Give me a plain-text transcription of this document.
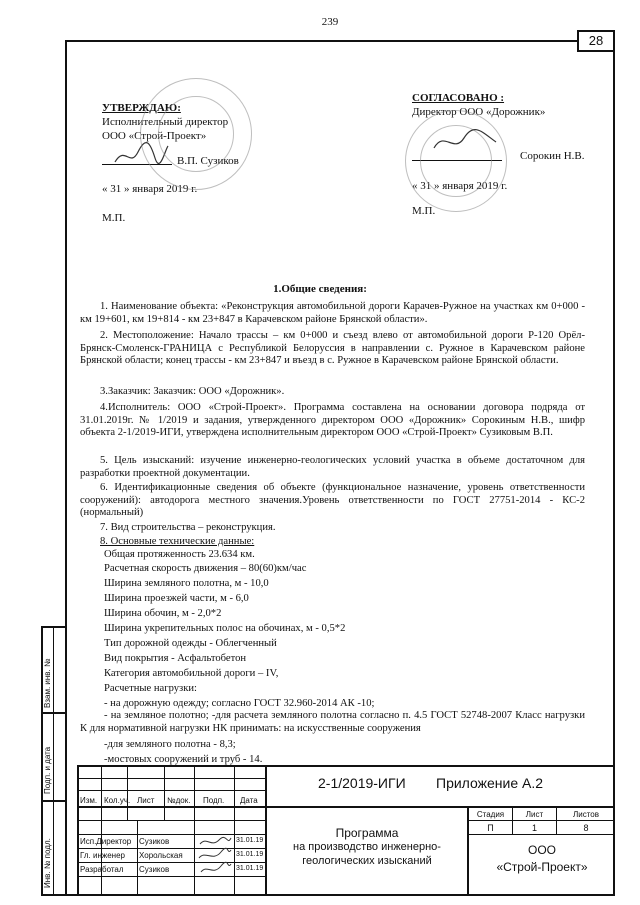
239
28
УТВЕРЖДАЮ:
Исполнительный директор
ООО «Строй-Проект»
В.П. Сузиков
« 31 » января 2019 г.
М.П.
СОГЛАСОВАНО :
Директор ООО «Дорожник»
Сорокин Н.В.
« 31 » января 2019 г.
М.П.
1.Общие сведения:
1. Наименование объекта: «Реконструкция автомобильной дороги Карачев-Ружное на участках км 0+000 - км 19+601, км 19+814 - км 23+847 в Карачевском районе Брянской области».
2. Местоположение: Начало трассы – км 0+000 и съезд влево от автомобильной дороги Р-120 Орёл-Брянск-Смоленск-ГРАНИЦА с Республикой Белоруссия в направлении с. Ружное в Карачевском районе Брянской области; конец трассы - км 23+847 и въезд в с. Ружное в Карачевском районе Брянской области.
3.Заказчик: Заказчик: ООО «Дорожник».
4.Исполнитель: ООО «Строй-Проект». Программа составлена на основании договора подряда от 31.01.2019г. № 1/2019 и задания, утвержденного директором ООО «Дорожник» Сорокиным Н.В., шифр объекта 2-1/2019-ИГИ, утверждена исполнительным директором ООО «Строй-Проект» Сузиковым В.П.
5. Цель изысканий: изучение инженерно-геологических условий участка в объеме достаточном для разработки проектной документации.
6. Идентификационные сведения об объекте (функциональное назначение, уровень ответственности сооружений): автодорога местного значения.Уровень ответственности по ГОСТ 27751-2014 - КС-2 (нормальный)
7. Вид строительства – реконструкция.
8. Основные технические данные:
Общая протяженность 23.634 км.
Расчетная скорость движения – 80(60)км/час
Ширина земляного полотна, м - 10,0
Ширина проезжей части, м - 6,0
Ширина обочин, м - 2,0*2
Ширина укрепительных полос на обочинах, м - 0,5*2
Тип дорожной одежды - Облегченный
Вид покрытия - Асфальтобетон
Категория автомобильной дороги – IV,
Расчетные нагрузки:
- на дорожную одежду; согласно ГОСТ 32.960-2014 АК -10;
- на земляное полотно; -для расчета земляного полотна согласно п. 4.5 ГОСТ 52748-2007 Класс нагрузки К для нормативной нагрузки НК принимать: на искусственные сооружения
-для земляного полотна - 8,3;
-мостовых сооружений и труб - 14.
Взам. инв. №
Подп. и дата
Инв. № подл.
2-1/2019-ИГИ Приложение А.2
Изм. Кол.уч. Лист №док. Подп. Дата
Исп.Директор Сузиков	31.01.19
Гл. инженер Хорольская	31.01.19
Разработал Сузиков	31.01.19
Программа
на производство инженерно-
геологических изысканий
Стадия	Лист	Листов
П	1	8
ООО
«Строй-Проект»
